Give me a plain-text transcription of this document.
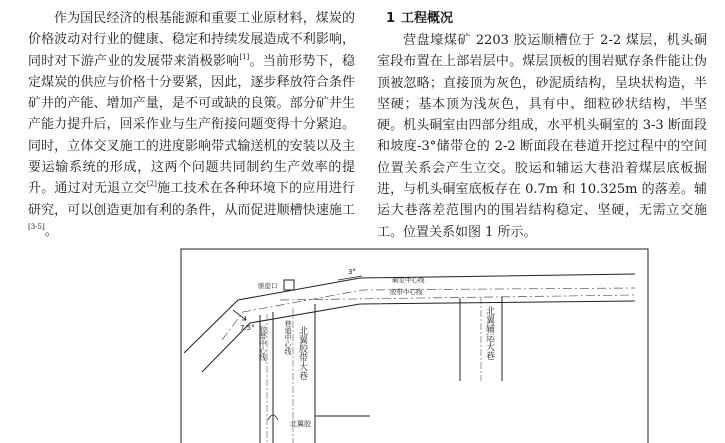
作为国民经济的根基能源和重要工业原材料，煤炭的价格波动对行业的健康、稳定和持续发展造成不利影响，同时对下游产业的发展带来消极影响[1]。当前形势下，稳定煤炭的供应与价格十分要紧，因此，逐步释放符合条件矿井的产能、增加产量，是不可或缺的良策。部分矿井生产能力提升后，回采作业与生产衔接问题变得十分紧迫。同时，立体交叉施工的进度影响带式输送机的安装以及主要运输系统的形成，这两个问题共同制约生产效率的提升。通过对无退立交[2]施工技术在各种环境下的应用进行研究，可以创造更加有利的条件，从而促进顺槽快速施工[3-5]。

1 工程概况

营盘壕煤矿 2203 胶运顺槽位于 2-2 煤层，机头硐室段布置在上部岩层中。煤层顶板的围岩赋存条件能让伪顶被忽略；直接顶为灰色，砂泥质结构，呈块状构造，半坚硬；基本顶为浅灰色，具有中、细粒砂状结构，半坚硬。机头硐室由四部分组成，水平机头硐室的 3-3 断面段和坡度-3°储带仓的 2-2 断面段在巷道开挖过程中的空间位置关系会产生立交。胶运和辅运大巷沿着煤层底板掘进，与机头硐室底板存在 0.7m 和 10.325m 的落差。辅运大巷落差范围内的围岩结构稳定、坚硬，无需立交施工。位置关系如图 1 所示。

3°
硐室中心线
胶带中心线
驱提口
7.5° 胶带中心线 巷道中心线 北翼胶带大巷	北翼辅运大巷
北翼胶
